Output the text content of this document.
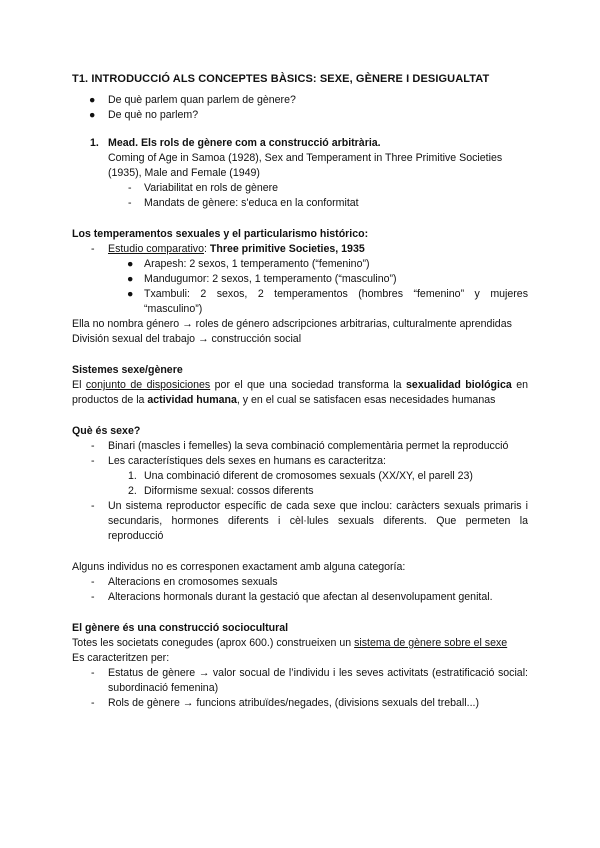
T1. INTRODUCCIÓ ALS CONCEPTES BÀSICS: SEXE, GÈNERE I DESIGUALTAT
● De què parlem quan parlem de gènere?
● De què no parlem?
1. Mead. Els rols de gènere com a construcció arbitrària.
Coming of Age in Samoa (1928), Sex and Temperament in Three Primitive Societies
(1935), Male and Female (1949)
- Variabilitat en rols de gènere
- Mandats de gènere: s'educa en la conformitat
Los temperamentos sexuales y el particularismo histórico:
- Estudio comparativo: Three primitive Societies, 1935
● Arapesh: 2 sexos, 1 temperamento (“femenino”)
● Mandugumor: 2 sexos, 1 temperamento (“masculino”)
● Txambuli: 2 sexos, 2 temperamentos (hombres “femenino” y mujeres “masculino”)
Ella no nombra género → roles de género adscripciones arbitrarias, culturalmente aprendidas
División sexual del trabajo → construcción social
Sistemes sexe/gènere
El conjunto de disposiciones por el que una sociedad transforma la sexualidad biológica en productos de la actividad humana, y en el cual se satisfacen esas necesidades humanas
Què és sexe?
- Binari (mascles i femelles) la seva combinació complementària permet la reproducció
- Les característiques dels sexes en humans es caracteritza:
1. Una combinació diferent de cromosomes sexuals (XX/XY, el parell 23)
2. Diformisme sexual: cossos diferents
- Un sistema reproductor específic de cada sexe que inclou: caràcters sexuals primaris i secundaris, hormones diferents i cèl·lules sexuals diferents. Que permeten la reproducció
Alguns individus no es corresponen exactament amb alguna categoría:
- Alteracions en cromosomes sexuals
- Alteracions hormonals durant la gestació que afectan al desenvolupament genital.
El gènere és una construcció sociocultural
Totes les societats conegudes (aprox 600.) construeixen un sistema de gènere sobre el sexe
Es caracteritzen per:
- Estatus de gènere → valor socual de l’individu i les seves activitats (estratificació social: subordinació femenina)
- Rols de gènere → funcions atribuïdes/negades, (divisions sexuals del treball...)
